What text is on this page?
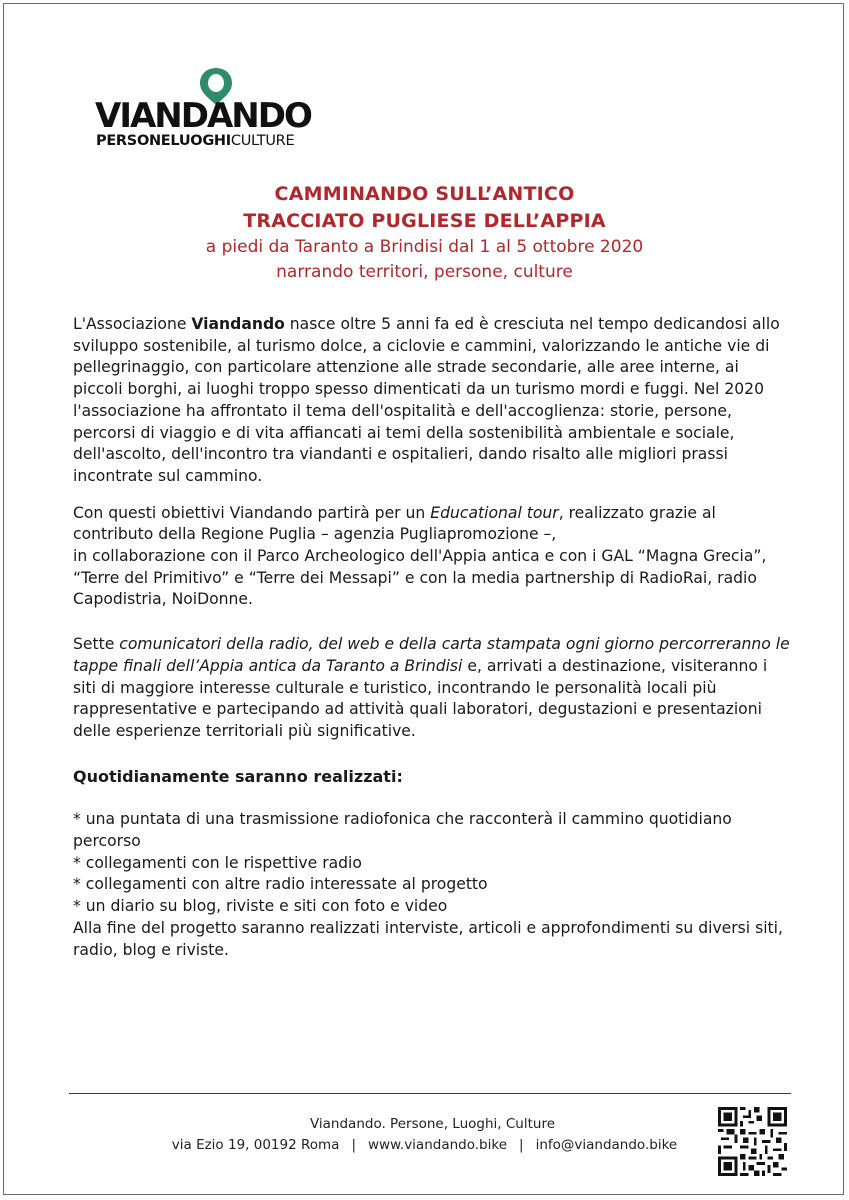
VIANDANDO
PERSONELUOGHICULTURE
CAMMINANDO SULL’ANTICO
TRACCIATO PUGLIESE DELL’APPIA
a piedi da Taranto a Brindisi dal 1 al 5 ottobre 2020
narrando territori, persone, culture

L'Associazione Viandando nasce oltre 5 anni fa ed è cresciuta nel tempo dedicandosi allo sviluppo sostenibile, al turismo dolce, a ciclovie e cammini, valorizzando le antiche vie di pellegrinaggio, con particolare attenzione alle strade secondarie, alle aree interne, ai piccoli borghi, ai luoghi troppo spesso dimenticati da un turismo mordi e fuggi. Nel 2020 l'associazione ha affrontato il tema dell'ospitalità e dell'accoglienza: storie, persone, percorsi di viaggio e di vita affiancati ai temi della sostenibilità ambientale e sociale, dell'ascolto, dell'incontro tra viandanti e ospitalieri, dando risalto alle migliori prassi incontrate sul cammino.

Con questi obiettivi Viandando partirà per un Educational tour, realizzato grazie al contributo della Regione Puglia – agenzia Pugliapromozione –,
in collaborazione con il Parco Archeologico dell'Appia antica e con i GAL “Magna Grecia”, “Terre del Primitivo” e “Terre dei Messapi” e con la media partnership di RadioRai, radio Capodistria, NoiDonne.

Sette comunicatori della radio, del web e della carta stampata ogni giorno percorreranno le tappe finali dell’Appia antica da Taranto a Brindisi e, arrivati a destinazione, visiteranno i siti di maggiore interesse culturale e turistico, incontrando le personalità locali più rappresentative e partecipando ad attività quali laboratori, degustazioni e presentazioni delle esperienze territoriali più significative.

Quotidianamente saranno realizzati:

* una puntata di una trasmissione radiofonica che racconterà il cammino quotidiano percorso
* collegamenti con le rispettive radio
* collegamenti con altre radio interessate al progetto
* un diario su blog, riviste e siti con foto e video
Alla fine del progetto saranno realizzati interviste, articoli e approfondimenti su diversi siti, radio, blog e riviste.

Viandando. Persone, Luoghi, Culture
via Ezio 19, 00192 Roma | www.viandando.bike | info@viandando.bike
